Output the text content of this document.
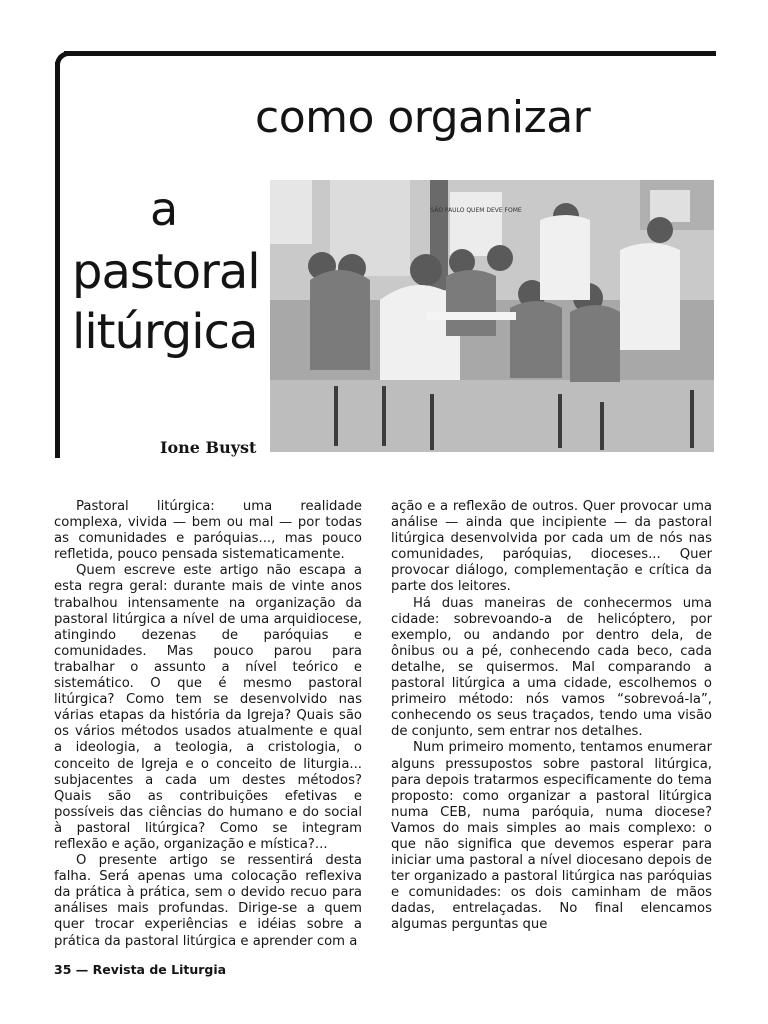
como organizar
a
pastoral
litúrgica
Ione Buyst
SÃO PAULO QUEM DEVE FOME

Pastoral litúrgica: uma realidade complexa, vivida — bem ou mal — por todas as comunidades e paróquias..., mas pouco refletida, pouco pensada sistematicamente.

Quem escreve este artigo não escapa a esta regra geral: durante mais de vinte anos trabalhou intensamente na organização da pastoral litúrgica a nível de uma arquidiocese, atingindo dezenas de paróquias e comunidades. Mas pouco parou para trabalhar o assunto a nível teórico e sistemático. O que é mesmo pastoral litúrgica? Como tem se desenvolvido nas várias etapas da história da Igreja? Quais são os vários métodos usados atualmente e qual a ideologia, a teologia, a cristologia, o conceito de Igreja e o conceito de liturgia... subjacentes a cada um destes métodos? Quais são as contribuições efetivas e possíveis das ciências do humano e do social à pastoral litúrgica? Como se integram reflexão e ação, organização e mística?...

O presente artigo se ressentirá desta falha. Será apenas uma colocação reflexiva da prática à prática, sem o devido recuo para análises mais profundas. Dirige-se a quem quer trocar experiências e idéias sobre a prática da pastoral litúrgica e aprender com a

ação e a reflexão de outros. Quer provocar uma análise — ainda que incipiente — da pastoral litúrgica desenvolvida por cada um de nós nas comunidades, paróquias, dioceses... Quer provocar diálogo, complementação e crítica da parte dos leitores.

Há duas maneiras de conhecermos uma cidade: sobrevoando-a de helicóptero, por exemplo, ou andando por dentro dela, de ônibus ou a pé, conhecendo cada beco, cada detalhe, se quisermos. Mal comparando a pastoral litúrgica a uma cidade, escolhemos o primeiro método: nós vamos “sobrevoá-la”, conhecendo os seus traçados, tendo uma visão de conjunto, sem entrar nos detalhes.

Num primeiro momento, tentamos enumerar alguns pressupostos sobre pastoral litúrgica, para depois tratarmos especificamente do tema proposto: como organizar a pastoral litúrgica numa CEB, numa paróquia, numa diocese? Vamos do mais simples ao mais complexo: o que não significa que devemos esperar para iniciar uma pastoral a nível diocesano depois de ter organizado a pastoral litúrgica nas paróquias e comunidades: os dois caminham de mãos dadas, entrelaçadas. No final elencamos algumas perguntas que

35 — Revista de Liturgia
